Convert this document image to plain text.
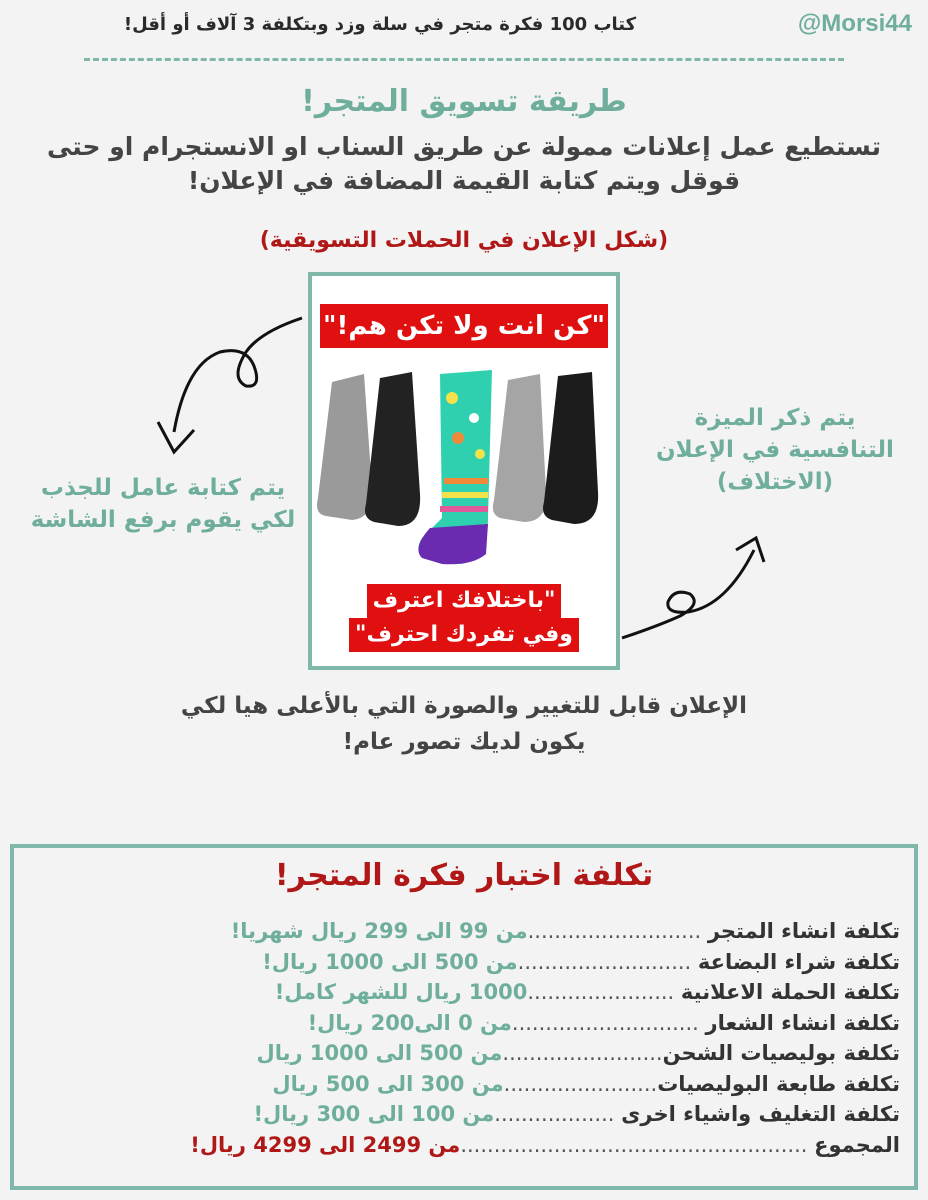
كتاب 100 فكرة متجر في سلة وزد وبتكلفة 3 آلاف أو أقل!	@Morsi44
طريقة تسويق المتجر!
تستطيع عمل إعلانات ممولة عن طريق السناب او الانستجرام او حتى قوقل ويتم كتابة القيمة المضافة في الإعلان!
(شكل الإعلان في الحملات التسويقية)
"كن انت ولا تكن هم!"
"باختلافك اعترف
وفي تفردك احترف"
يتم كتابة عامل للجذب لكي يقوم برفع الشاشة
يتم ذكر الميزة التنافسية في الإعلان (الاختلاف)
الإعلان قابل للتغيير والصورة التي بالأعلى هيا لكي يكون لديك تصور عام!
تكلفة اختبار فكرة المتجر!
تكلفة انشاء المتجر ..........................من 99 الى 299 ريال شهريا!
تكلفة شراء البضاعة ..........................من 500 الى 1000 ريال!
تكلفة الحملة الاعلانية ......................1000 ريال للشهر كامل!
تكلفة انشاء الشعار ............................من 0 الى200 ريال!
تكلفة بوليصيات الشحن........................من 500 الى 1000 ريال
تكلفة طابعة البوليصيات.......................من 300 الى 500 ريال
تكلفة التغليف واشياء اخرى ..................من 100 الى 300 ريال!
المجموع ....................................................من 2499 الى 4299 ريال!
